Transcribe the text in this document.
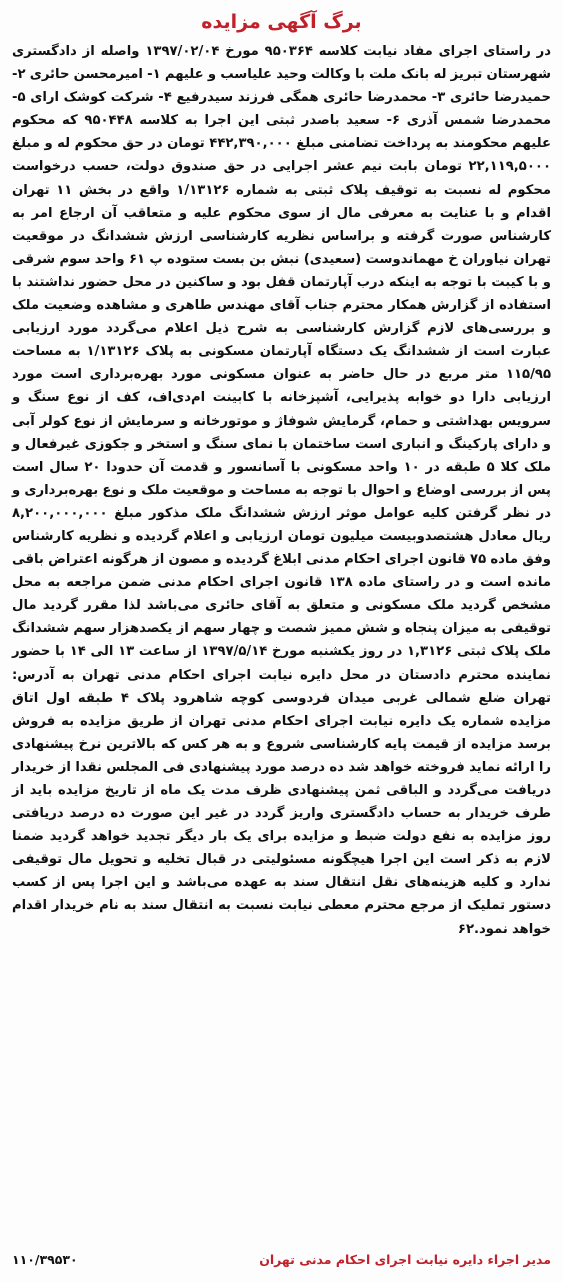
برگ آگهی مزایده

در راستای اجرای مفاد نیابت کلاسه ۹۵۰۳۶۴ مورخ ۱۳۹۷/۰۲/۰۴ واصله از دادگستری شهرستان تبریز له بانک ملت با وکالت وحید علیاسب و علیهم ۱- امیرمحسن حائری ۲- حمیدرضا حائری ۳- محمدرضا حائری همگی فرزند سیدرفیع ۴- شرکت کوشک ارای ۵- محمدرضا شمس آذری ۶- سعید باصدر ثبتی این اجرا به کلاسه ۹۵۰۴۴۸ که محکوم علیهم محکومند به پرداخت تضامنی مبلغ ۴۴۲,۳۹۰,۰۰۰ تومان در حق محکوم له و مبلغ ۲۲,۱۱۹,۵۰۰۰ تومان بابت نیم عشر اجرایی در حق صندوق دولت، حسب درخواست محکوم له نسبت به توقیف پلاک ثبتی به شماره ۱/۱۳۱۲۶ واقع در بخش ۱۱ تهران اقدام و با عنایت به معرفی مال از سوی محکوم علیه و متعاقب آن ارجاع امر به کارشناس صورت گرفته و براساس نظریه کارشناسی ارزش ششدانگ در موقعیت تهران نیاوران خ مهماندوست (سعیدی) نبش بن بست ستوده پ ۶۱ واحد سوم شرقی و با کیبت با توجه به اینکه درب آپارتمان قفل بود و ساکنین در محل حضور نداشتند با استفاده از گزارش همکار محترم جناب آقای مهندس طاهری و مشاهده وضعیت ملک و بررسی‌های لازم گزارش کارشناسی به شرح ذیل اعلام می‌گردد مورد ارزیابی عبارت است از ششدانگ یک دستگاه آپارتمان مسکونی به پلاک ۱/۱۳۱۲۶ به مساحت ۱۱۵/۹۵ متر مربع در حال حاضر به عنوان مسکونی مورد بهره‌برداری است مورد ارزیابی دارا دو خوابه پذیرایی، آشپزخانه با کابینت ام‌دی‌اف، کف از نوع سنگ و سرویس بهداشتی و حمام، گرمایش شوفاژ و موتورخانه و سرمایش از نوع کولر آبی و دارای پارکینگ و انباری است ساختمان با نمای سنگ و استخر و جکوزی غیرفعال و ملک کلا ۵ طبقه در ۱۰ واحد مسکونی با آسانسور و قدمت آن حدودا ۲۰ سال است پس از بررسی اوضاع و احوال با توجه به مساحت و موقعیت ملک و نوع بهره‌برداری و در نظر گرفتن کلیه عوامل موثر ارزش ششدانگ ملک مذکور مبلغ ۸,۲۰۰,۰۰۰,۰۰۰ ریال معادل هشتصدوبیست میلیون تومان ارزیابی و اعلام گردیده و نظریه کارشناس وفق ماده ۷۵ قانون اجرای احکام مدنی ابلاغ گردیده و مصون از هرگونه اعتراض باقی مانده است و در راستای ماده ۱۳۸ قانون اجرای احکام مدنی ضمن مراجعه به محل مشخص گردید ملک مسکونی و متعلق به آقای حائری می‌باشد لذا مقرر گردید مال توقیفی به میزان پنجاه و شش ممیز شصت و چهار سهم از یکصدهزار سهم ششدانگ ملک پلاک ثبتی ۱,۳۱۲۶ در روز یکشنبه مورخ ۱۳۹۷/۵/۱۴ از ساعت ۱۳ الی ۱۴ با حضور نماینده محترم دادستان در محل دایره نیابت اجرای احکام مدنی تهران به آدرس: تهران ضلع شمالی غربی میدان فردوسی کوچه شاهرود پلاک ۴ طبقه اول اتاق مزایده شماره یک دایره نیابت اجرای احکام مدنی تهران از طریق مزایده به فروش برسد مزایده از قیمت پایه کارشناسی شروع و به هر کس که بالاترین نرخ پیشنهادی را ارائه نماید فروخته خواهد شد ده درصد مورد پیشنهادی فی المجلس نقدا از خریدار دریافت می‌گردد و الباقی ثمن پیشنهادی ظرف مدت یک ماه از تاریخ مزایده باید از طرف خریدار به حساب دادگستری واریز گردد در غیر این صورت ده درصد دریافتی روز مزایده به نفع دولت ضبط و مزایده برای یک بار دیگر تجدید خواهد گردید ضمنا لازم به ذکر است این اجرا هیچگونه مسئولیتی در قبال تخلیه و تحویل مال توقیفی ندارد و کلیه هزینه‌های نقل انتقال سند به عهده می‌باشد و این اجرا پس از کسب دستور تملیک از مرجع محترم معطی نیابت نسبت به انتقال سند به نام خریدار اقدام خواهد نمود.۶۲

مدیر اجراء دایره نیابت اجرای احکام مدنی تهران
۱۱۰/۳۹۵۳۰
